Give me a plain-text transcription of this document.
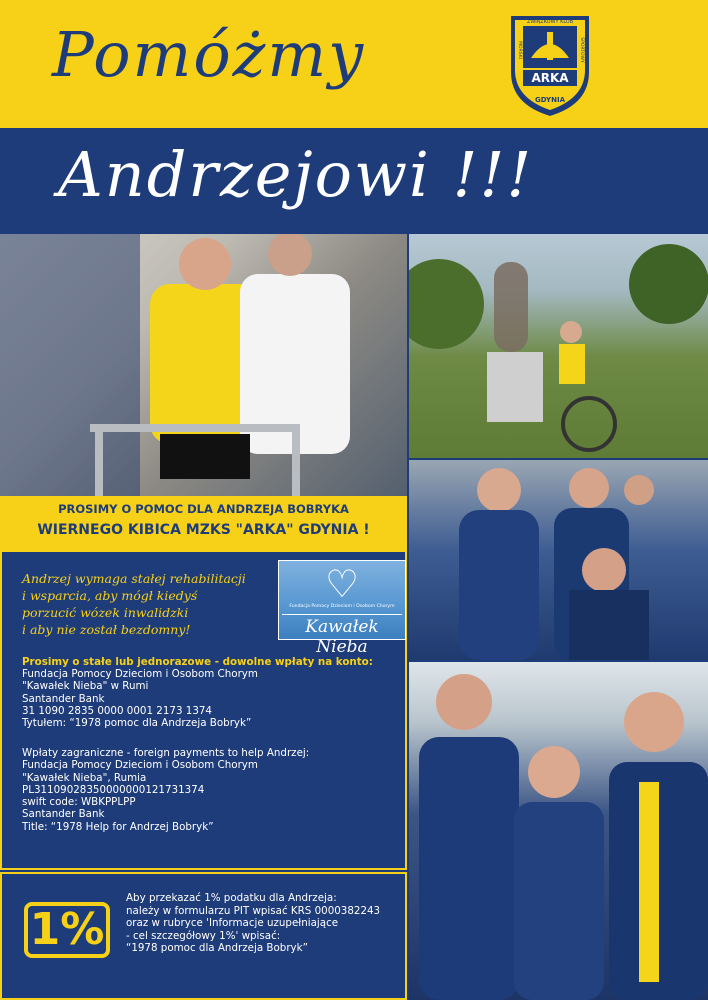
Pomóżmy
Andrzejowi !!!
ARKA
ZWIĄZKOWY KLUB
MORSKI	SPORTOWY
GDYNIA
PROSIMY O POMOC DLA ANDRZEJA BOBRYKA
WIERNEGO KIBICA MZKS "ARKA" GDYNIA !
Andrzej wymaga stałej rehabilitacji
i wsparcia, aby mógł kiedyś
porzucić wózek inwalidzki
i aby nie został bezdomny!
♡
Fundacja Pomocy Dzieciom i Osobom Chorym
Kawałek Nieba
Prosimy o stałe lub jednorazowe - dowolne wpłaty na konto:
Fundacja Pomocy Dzieciom i Osobom Chorym
"Kawałek Nieba" w Rumi
Santander Bank
31 1090 2835 0000 0001 2173 1374
Tytułem: “1978 pomoc dla Andrzeja Bobryk”
Wpłaty zagraniczne - foreign payments to help Andrzej:
Fundacja Pomocy Dzieciom i Osobom Chorym
"Kawałek Nieba", Rumia
PL31109028350000000121731374
swift code: WBKPPLPP
Santander Bank
Title: “1978 Help for Andrzej Bobryk”
1%
Aby przekazać 1% podatku dla Andrzeja:
należy w formularzu PIT wpisać KRS 0000382243
oraz w rubryce 'Informacje uzupełniające
- cel szczegółowy 1%' wpisać:
“1978 pomoc dla Andrzeja Bobryk”
